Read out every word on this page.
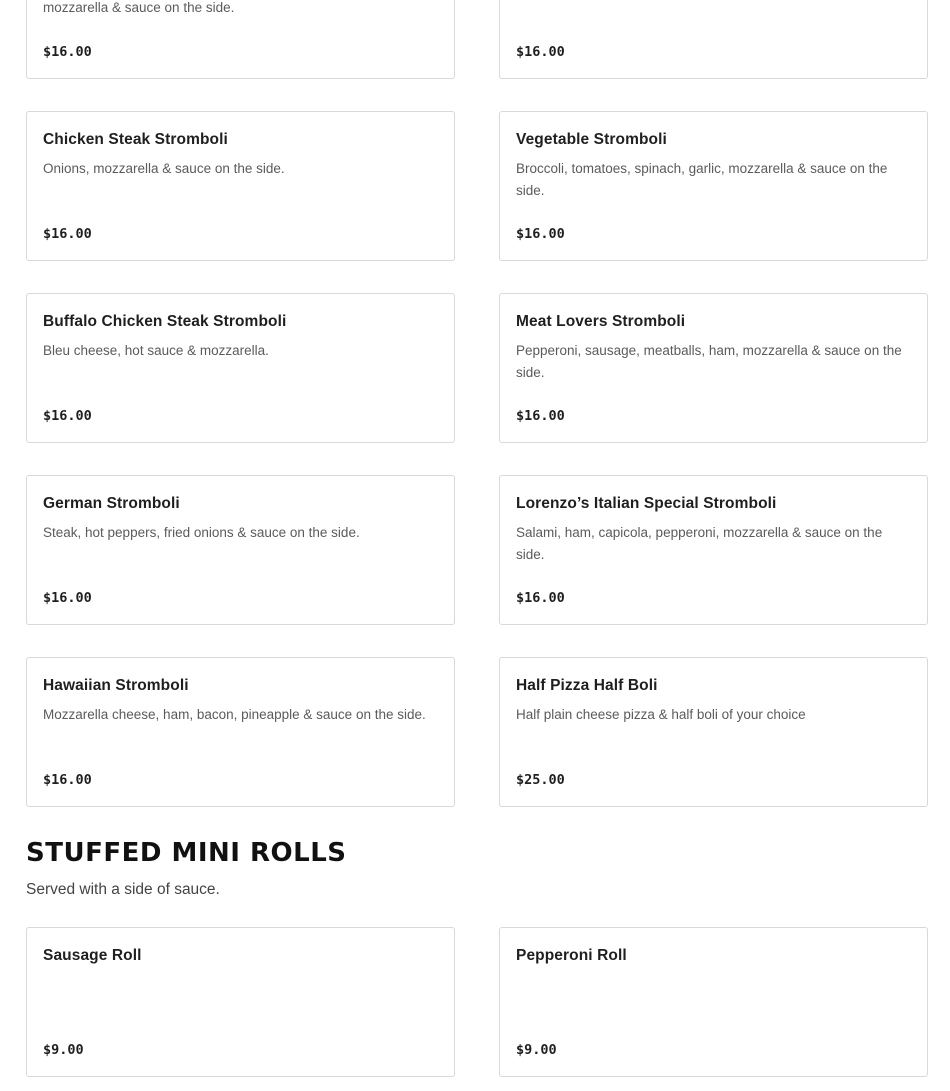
mozzarella & sauce on the side.
$16.00	$16.00
Chicken Steak Stromboli
Onions, mozzarella & sauce on the side.
$16.00
Vegetable Stromboli
Broccoli, tomatoes, spinach, garlic, mozzarella & sauce on the side.
$16.00
Buffalo Chicken Steak Stromboli
Bleu cheese, hot sauce & mozzarella.
$16.00
Meat Lovers Stromboli
Pepperoni, sausage, meatballs, ham, mozzarella & sauce on the side.
$16.00
German Stromboli
Steak, hot peppers, fried onions & sauce on the side.
$16.00
Lorenzo’s Italian Special Stromboli
Salami, ham, capicola, pepperoni, mozzarella & sauce on the side.
$16.00
Hawaiian Stromboli
Mozzarella cheese, ham, bacon, pineapple & sauce on the side.
$16.00
Half Pizza Half Boli
Half plain cheese pizza & half boli of your choice
$25.00
STUFFED MINI ROLLS
Served with a side of sauce.
Sausage Roll
$9.00
Pepperoni Roll
$9.00
